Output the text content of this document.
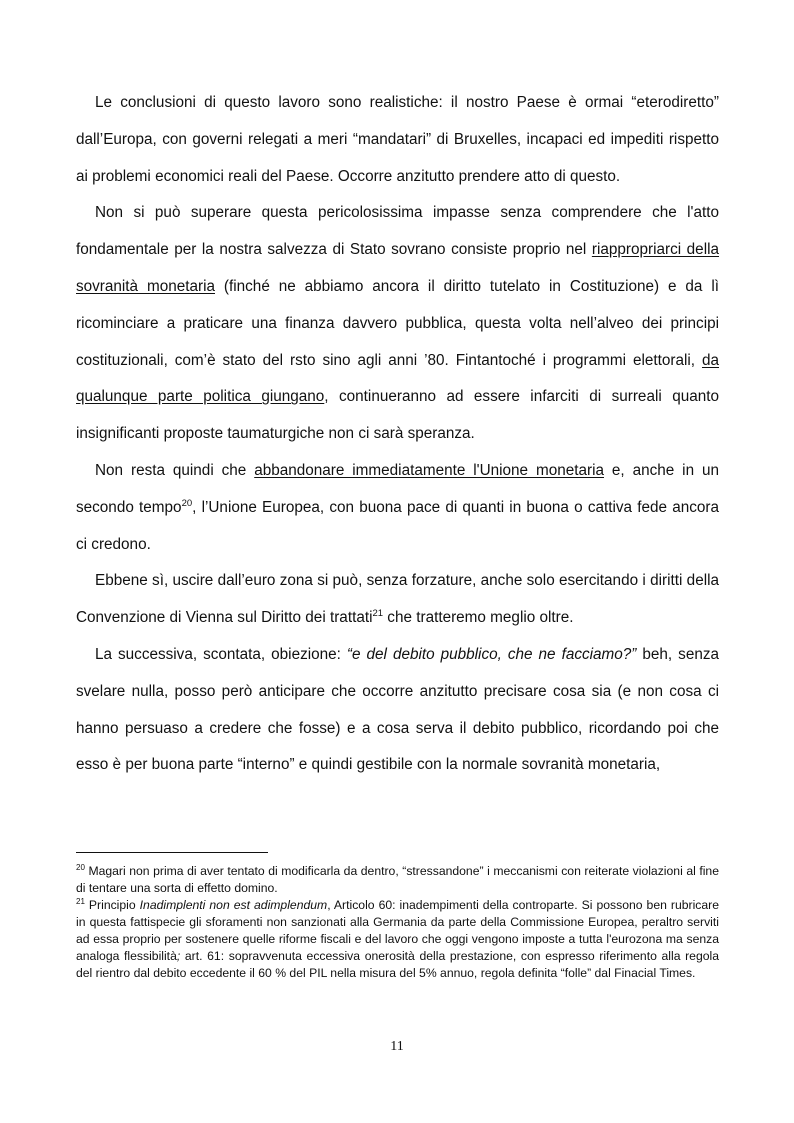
Le conclusioni di questo lavoro sono realistiche: il nostro Paese è ormai “eterodiretto” dall’Europa, con governi relegati a meri “mandatari” di Bruxelles, incapaci ed impediti rispetto ai problemi economici reali del Paese. Occorre anzitutto prendere atto di questo.

Non si può superare questa pericolosissima impasse senza comprendere che l'atto fondamentale per la nostra salvezza di Stato sovrano consiste proprio nel riappropriarci della sovranità monetaria (finché ne abbiamo ancora il diritto tutelato in Costituzione) e da lì ricominciare a praticare una finanza davvero pubblica, questa volta nell’alveo dei principi costituzionali, com’è stato del rsto sino agli anni ’80. Fintantoché i programmi elettorali, da qualunque parte politica giungano, continueranno ad essere infarciti di surreali quanto insignificanti proposte taumaturgiche non ci sarà speranza.

Non resta quindi che abbandonare immediatamente l'Unione monetaria e, anche in un secondo tempo$^{20}$, l’Unione Europea, con buona pace di quanti in buona o cattiva fede ancora ci credono.

Ebbene sì, uscire dall’euro zona si può, senza forzature, anche solo esercitando i diritti della Convenzione di Vienna sul Diritto dei trattati$^{21}$ che tratteremo meglio oltre.

La successiva, scontata, obiezione: “e del debito pubblico, che ne facciamo?” beh, senza svelare nulla, posso però anticipare che occorre anzitutto precisare cosa sia (e non cosa ci hanno persuaso a credere che fosse) e a cosa serva il debito pubblico, ricordando poi che esso è per buona parte “interno” e quindi gestibile con la normale sovranità monetaria,

$^{20}$ Magari non prima di aver tentato di modificarla da dentro, “stressandone” i meccanismi con reiterate violazioni al fine di tentare una sorta di effetto domino.

$^{21}$ Principio Inadimplenti non est adimplendum, Articolo 60: inadempimenti della controparte. Si possono ben rubricare in questa fattispecie gli sforamenti non sanzionati alla Germania da parte della Commissione Europea, peraltro serviti ad essa proprio per sostenere quelle riforme fiscali e del lavoro che oggi vengono imposte a tutta l'eurozona ma senza analoga flessibilità; art. 61: sopravvenuta eccessiva onerosità della prestazione, con espresso riferimento alla regola del rientro dal debito eccedente il 60 % del PIL nella misura del 5% annuo, regola definita “folle” dal Finacial Times.

11
